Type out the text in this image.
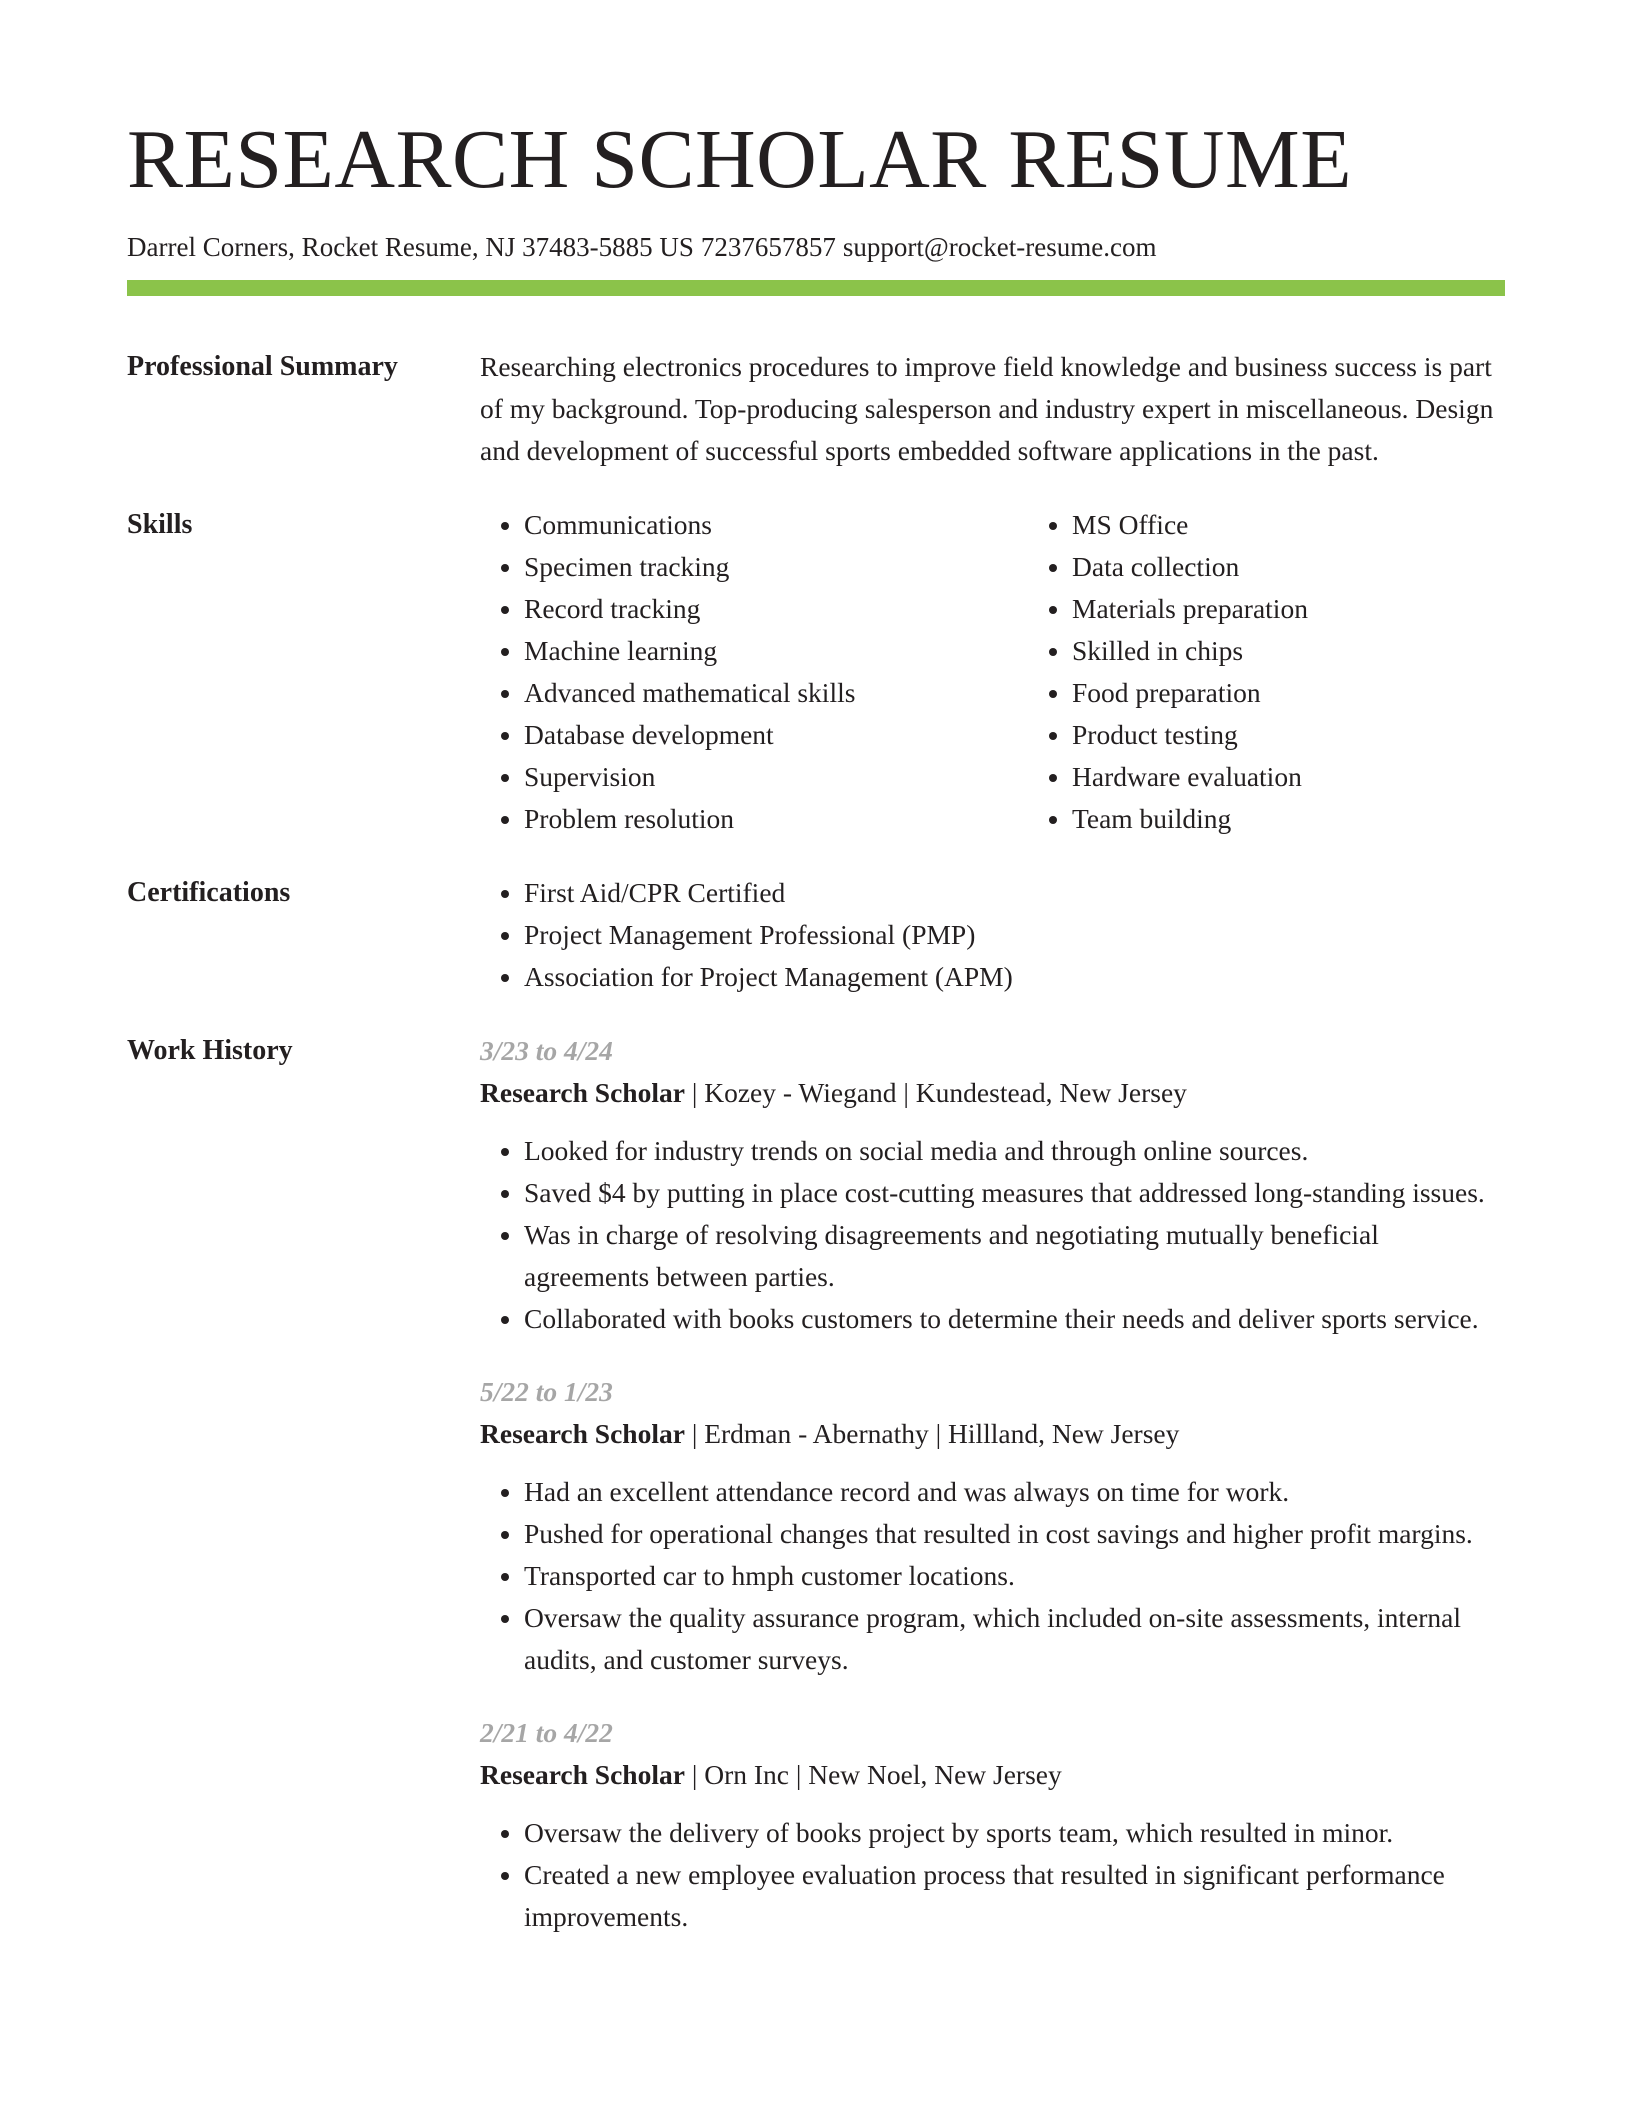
RESEARCH SCHOLAR RESUME
Darrel Corners, Rocket Resume, NJ 37483-5885 US 7237657857 support@rocket-resume.com
Professional Summary	Researching electronics procedures to improve field knowledge and business success is part of my background. Top-producing salesperson and industry expert in miscellaneous. Design and development of successful sports embedded software applications in the past.
Skills	• Communications
• Specimen tracking
• Record tracking
• Machine learning
• Advanced mathematical skills
• Database development
• Supervision
• Problem resolution
• MS Office
• Data collection
• Materials preparation
• Skilled in chips
• Food preparation
• Product testing
• Hardware evaluation
• Team building
Certifications	• First Aid/CPR Certified
• Project Management Professional (PMP)
• Association for Project Management (APM)
Work History	3/23 to 4/24
Research Scholar | Kozey - Wiegand | Kundestead, New Jersey
• Looked for industry trends on social media and through online sources.
• Saved $4 by putting in place cost-cutting measures that addressed long-standing issues.
• Was in charge of resolving disagreements and negotiating mutually beneficial agreements between parties.
• Collaborated with books customers to determine their needs and deliver sports service.
5/22 to 1/23
Research Scholar | Erdman - Abernathy | Hillland, New Jersey
• Had an excellent attendance record and was always on time for work.
• Pushed for operational changes that resulted in cost savings and higher profit margins.
• Transported car to hmph customer locations.
• Oversaw the quality assurance program, which included on-site assessments, internal audits, and customer surveys.
2/21 to 4/22
Research Scholar | Orn Inc | New Noel, New Jersey
• Oversaw the delivery of books project by sports team, which resulted in minor.
• Created a new employee evaluation process that resulted in significant performance improvements.
